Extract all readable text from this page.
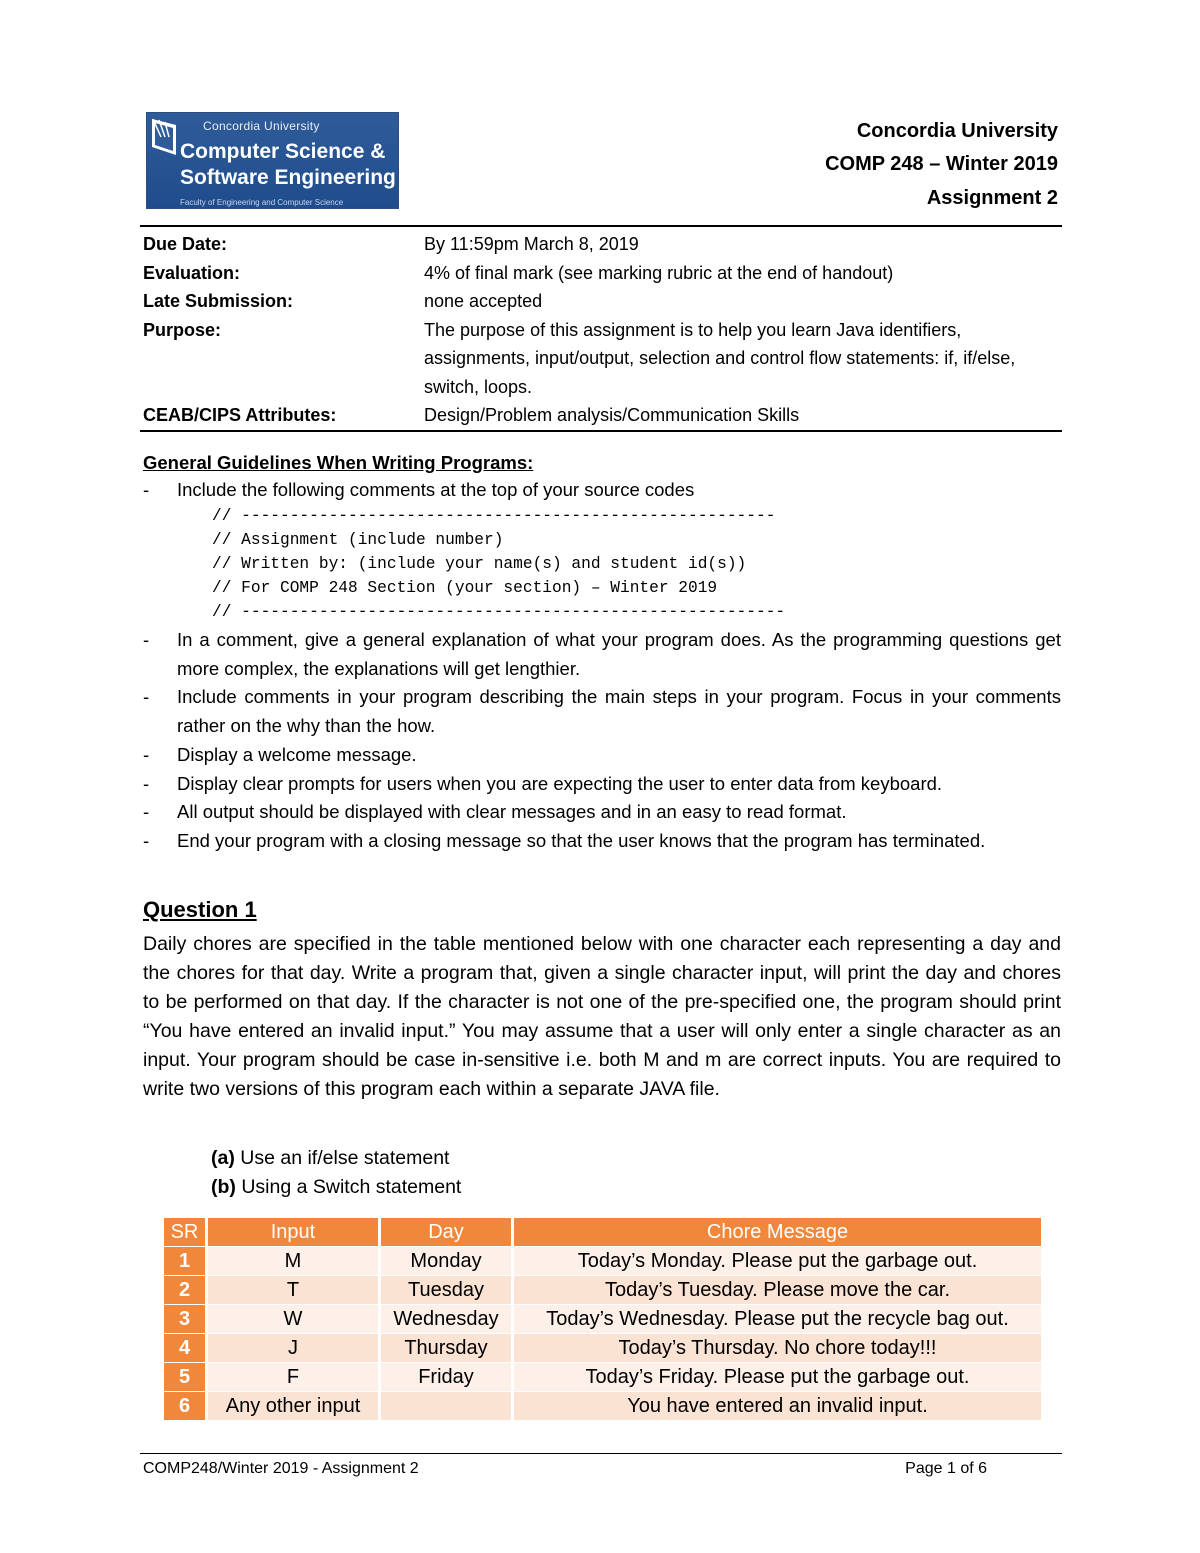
Concordia University
Computer Science &
Software Engineering
Faculty of Engineering and Computer Science
Concordia University
COMP 248 – Winter 2019
Assignment 2
Due Date:	By 11:59pm March 8, 2019
Evaluation:	4% of final mark (see marking rubric at the end of handout)
Late Submission:	none accepted
Purpose:	The purpose of this assignment is to help you learn Java identifiers, assignments, input/output, selection and control flow statements: if, if/else, switch, loops.
CEAB/CIPS Attributes:	Design/Problem analysis/Communication Skills
General Guidelines When Writing Programs:
-	Include the following comments at the top of your source codes
// -------------------------------------------------------
// Assignment (include number)
// Written by: (include your name(s) and student id(s))
// For COMP 248 Section (your section) – Winter 2019
// --------------------------------------------------------
-	In a comment, give a general explanation of what your program does. As the programming questions get more complex, the explanations will get lengthier.
-	Include comments in your program describing the main steps in your program. Focus in your comments rather on the why than the how.
-	Display a welcome message.
-	Display clear prompts for users when you are expecting the user to enter data from keyboard.
-	All output should be displayed with clear messages and in an easy to read format.
-	End your program with a closing message so that the user knows that the program has terminated.
Question 1
Daily chores are specified in the table mentioned below with one character each representing a day and the chores for that day. Write a program that, given a single character input, will print the day and chores to be performed on that day. If the character is not one of the pre-specified one, the program should print “You have entered an invalid input.” You may assume that a user will only enter a single character as an input. Your program should be case in-sensitive i.e. both M and m are correct inputs. You are required to write two versions of this program each within a separate JAVA file.
(a) Use an if/else statement
(b) Using a Switch statement
SR	Input	Day	Chore Message
1	M	Monday	Today’s Monday. Please put the garbage out.
2	T	Tuesday	Today’s Tuesday. Please move the car.
3	W	Wednesday	Today’s Wednesday. Please put the recycle bag out.
4	J	Thursday	Today’s Thursday. No chore today!!!
5	F	Friday	Today’s Friday. Please put the garbage out.
6	Any other input		You have entered an invalid input.
COMP248/Winter 2019 - Assignment 2	Page 1 of 6
